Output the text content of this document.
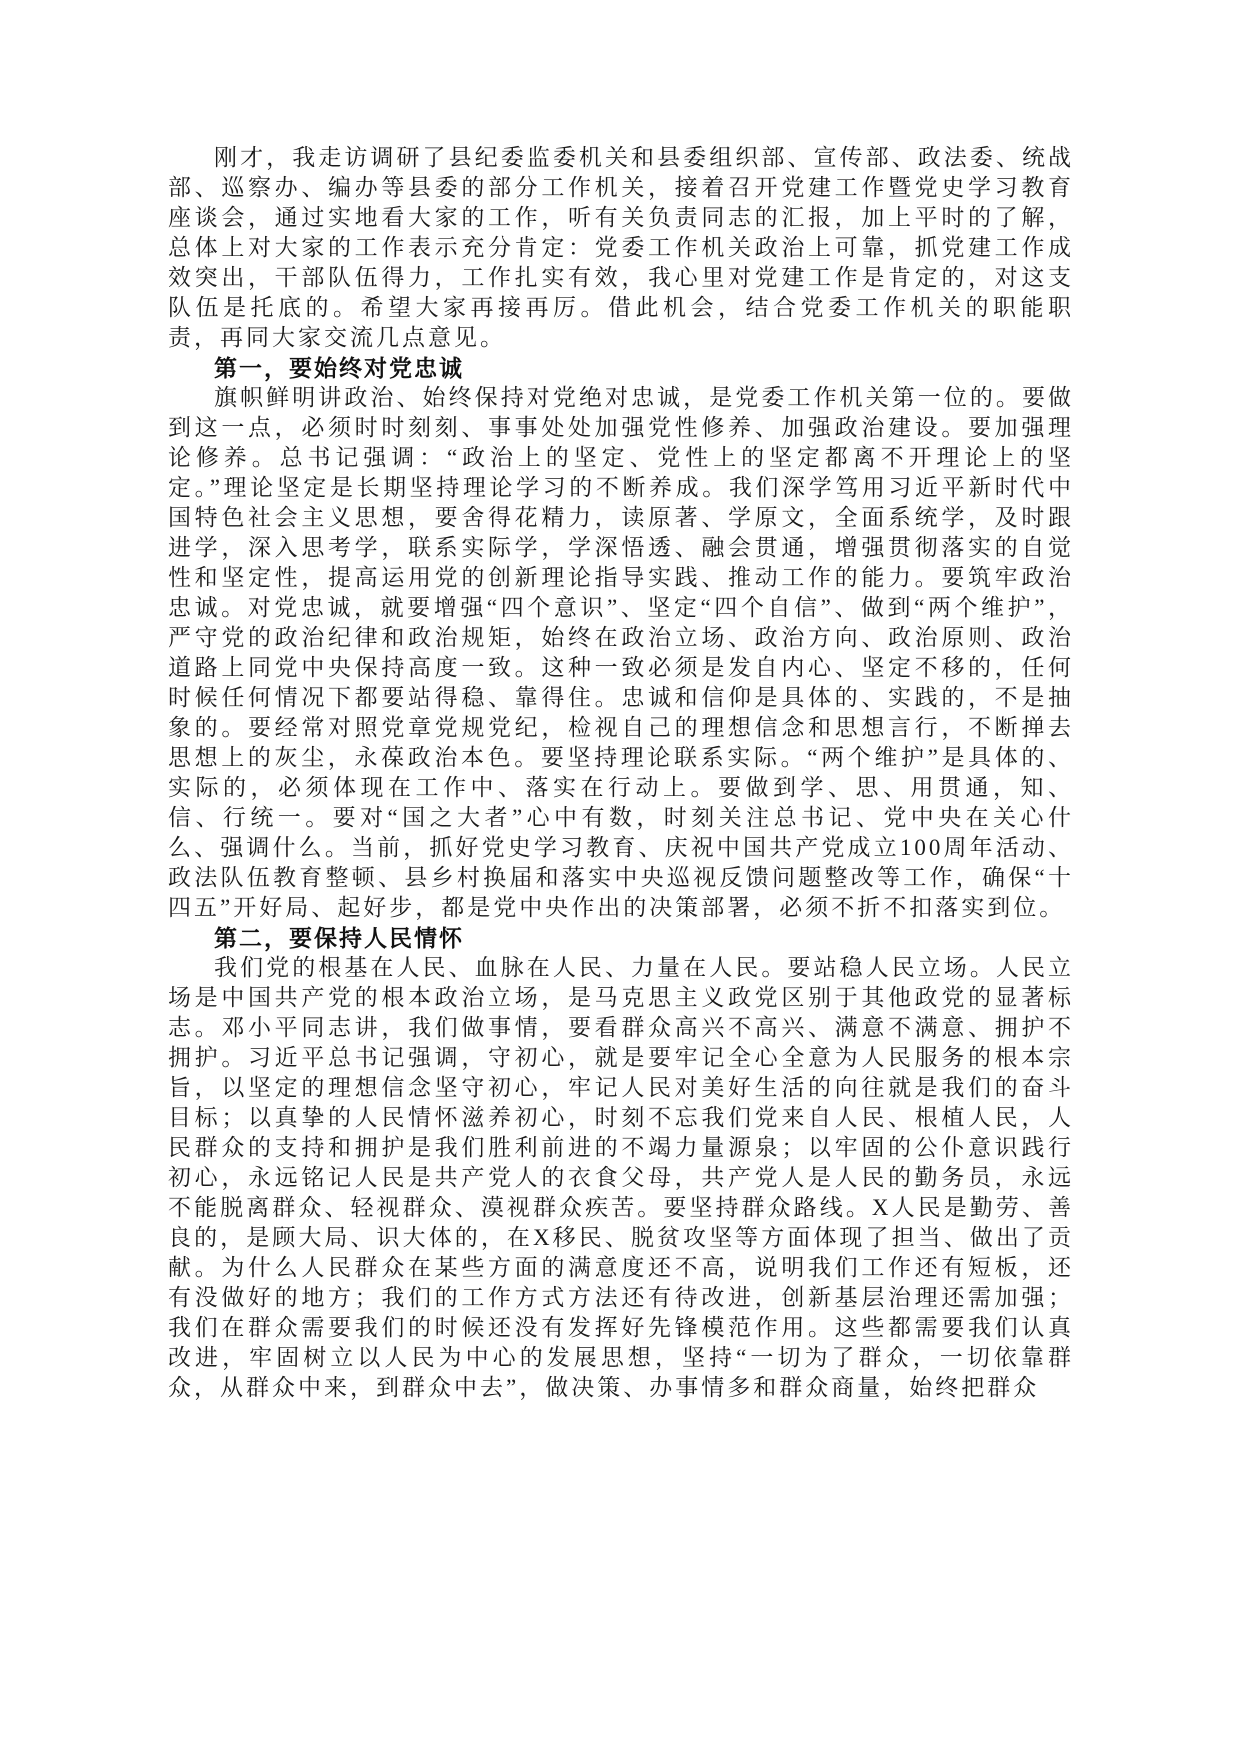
刚才，我走访调研了县纪委监委机关和县委组织部、宣传部、政法委、统战部、巡察办、编办等县委的部分工作机关，接着召开党建工作暨党史学习教育座谈会，通过实地看大家的工作，听有关负责同志的汇报，加上平时的了解，总体上对大家的工作表示充分肯定：党委工作机关政治上可靠，抓党建工作成效突出，干部队伍得力，工作扎实有效，我心里对党建工作是肯定的，对这支队伍是托底的。希望大家再接再厉。借此机会，结合党委工作机关的职能职责，再同大家交流几点意见。

第一，要始终对党忠诚

旗帜鲜明讲政治、始终保持对党绝对忠诚，是党委工作机关第一位的。要做到这一点，必须时时刻刻、事事处处加强党性修养、加强政治建设。要加强理论修养。总书记强调：“政治上的坚定、党性上的坚定都离不开理论上的坚定。”理论坚定是长期坚持理论学习的不断养成。我们深学笃用习近平新时代中国特色社会主义思想，要舍得花精力，读原著、学原文，全面系统学，及时跟进学，深入思考学，联系实际学，学深悟透、融会贯通，增强贯彻落实的自觉性和坚定性，提高运用党的创新理论指导实践、推动工作的能力。要筑牢政治忠诚。对党忠诚，就要增强“四个意识”、坚定“四个自信”、做到“两个维护”，严守党的政治纪律和政治规矩，始终在政治立场、政治方向、政治原则、政治道路上同党中央保持高度一致。这种一致必须是发自内心、坚定不移的，任何时候任何情况下都要站得稳、靠得住。忠诚和信仰是具体的、实践的，不是抽象的。要经常对照党章党规党纪，检视自己的理想信念和思想言行，不断掸去思想上的灰尘，永葆政治本色。要坚持理论联系实际。“两个维护”是具体的、实际的，必须体现在工作中、落实在行动上。要做到学、思、用贯通，知、信、行统一。要对“国之大者”心中有数，时刻关注总书记、党中央在关心什么、强调什么。当前，抓好党史学习教育、庆祝中国共产党成立100周年活动、政法队伍教育整顿、县乡村换届和落实中央巡视反馈问题整改等工作，确保“十四五”开好局、起好步，都是党中央作出的决策部署，必须不折不扣落实到位。

第二，要保持人民情怀

我们党的根基在人民、血脉在人民、力量在人民。要站稳人民立场。人民立场是中国共产党的根本政治立场，是马克思主义政党区别于其他政党的显著标志。邓小平同志讲，我们做事情，要看群众高兴不高兴、满意不满意、拥护不拥护。习近平总书记强调，守初心，就是要牢记全心全意为人民服务的根本宗旨，以坚定的理想信念坚守初心，牢记人民对美好生活的向往就是我们的奋斗目标；以真挚的人民情怀滋养初心，时刻不忘我们党来自人民、根植人民，人民群众的支持和拥护是我们胜利前进的不竭力量源泉；以牢固的公仆意识践行初心，永远铭记人民是共产党人的衣食父母，共产党人是人民的勤务员，永远不能脱离群众、轻视群众、漠视群众疾苦。要坚持群众路线。X人民是勤劳、善良的，是顾大局、识大体的，在X移民、脱贫攻坚等方面体现了担当、做出了贡献。为什么人民群众在某些方面的满意度还不高，说明我们工作还有短板，还有没做好的地方；我们的工作方式方法还有待改进，创新基层治理还需加强；我们在群众需要我们的时候还没有发挥好先锋模范作用。这些都需要我们认真改进，牢固树立以人民为中心的发展思想，坚持“一切为了群众，一切依靠群众，从群众中来，到群众中去”，做决策、办事情多和群众商量，始终把群众
